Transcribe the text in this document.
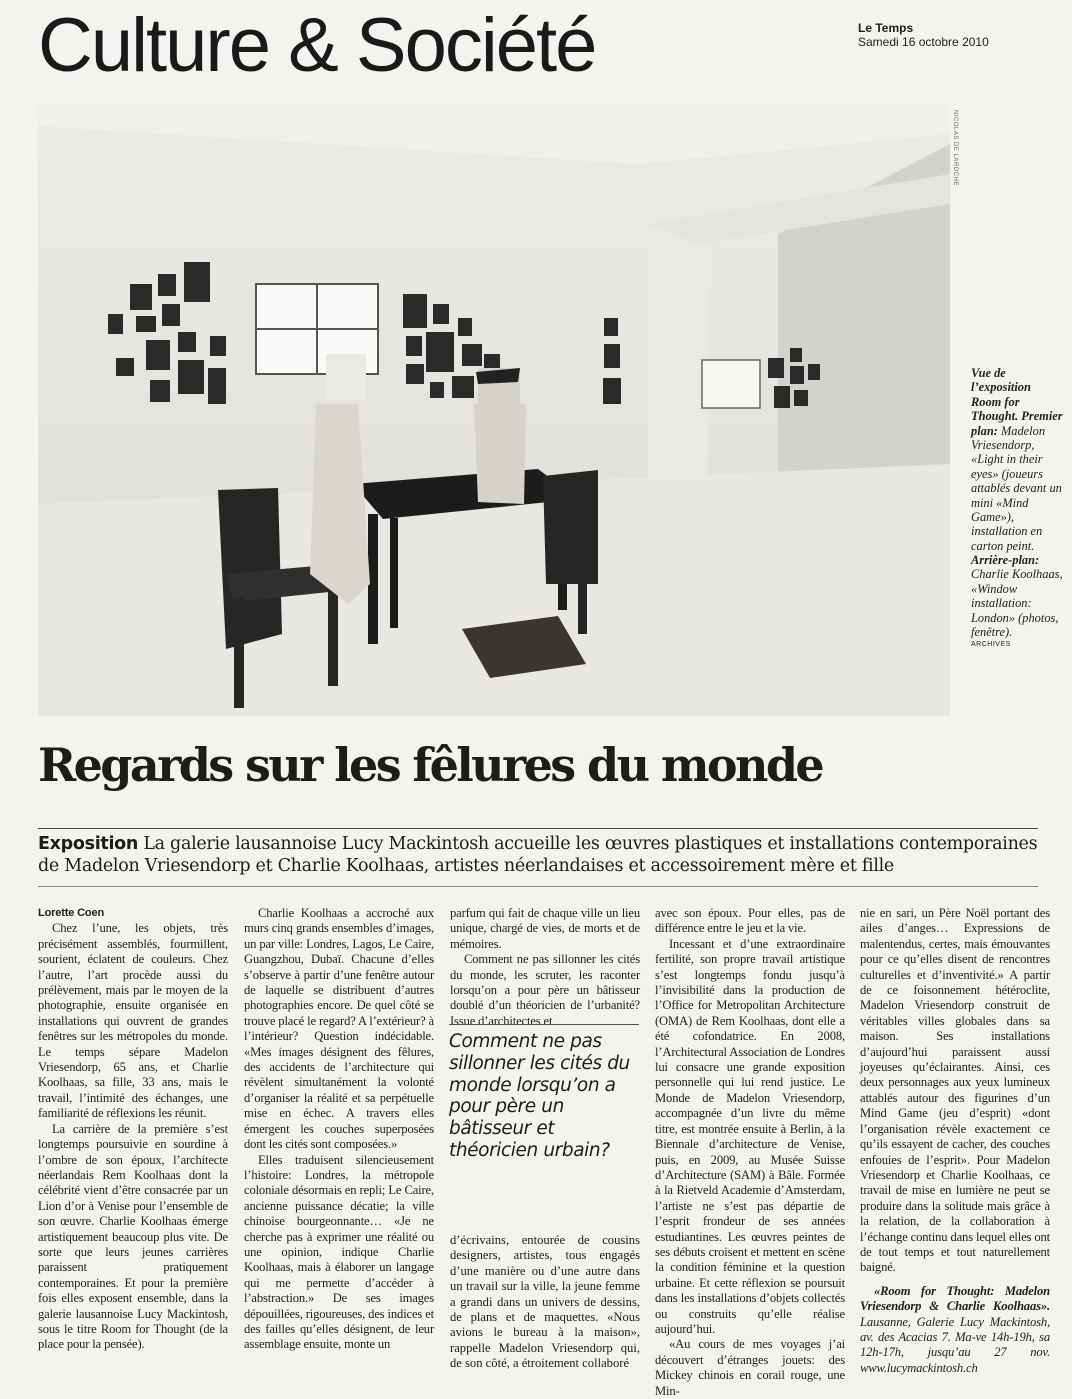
Culture & Société	Le Temps
Samedi 16 octobre 2010
NICOLAS DE LAROCHE
Vue de l’exposition Room for Thought. Premier plan: Madelon Vriesendorp, «Light in their eyes» (joueurs attablés devant un mini «Mind Game»), installation en carton peint. Arrière-plan: Charlie Koolhaas, «Window installation: London» (photos, fenêtre).
ARCHIVES
Regards sur les fêlures du monde
Exposition La galerie lausannoise Lucy Mackintosh accueille les œuvres plastiques et installations contemporaines de Madelon Vriesendorp et Charlie Koolhaas, artistes néerlandaises et accessoirement mère et fille

Lorette Coen

Chez l’une, les objets, très précisément assemblés, fourmillent, sourient, éclatent de couleurs. Chez l’autre, l’art procède aussi du prélèvement, mais par le moyen de la photographie, ensuite organisée en installations qui ouvrent de grandes fenêtres sur les métropoles du monde. Le temps sépare Madelon Vriesendorp, 65 ans, et Charlie Koolhaas, sa fille, 33 ans, mais le travail, l’intimité des échanges, une familiarité de réflexions les réunit.

La carrière de la première s’est longtemps poursuivie en sourdine à l’ombre de son époux, l’architecte néerlandais Rem Koolhaas dont la célébrité vient d’être consacrée par un Lion d’or à Venise pour l’ensemble de son œuvre. Charlie Koolhaas émerge artistiquement beaucoup plus vite. De sorte que leurs jeunes carrières paraissent pratiquement contemporaines. Et pour la première fois elles exposent ensemble, dans la galerie lausannoise Lucy Mackintosh, sous le titre Room for Thought (de la place pour la pensée).

Charlie Koolhaas a accroché aux murs cinq grands ensembles d’images, un par ville: Londres, Lagos, Le Caire, Guangzhou, Dubaï. Chacune d’elles s’observe à partir d’une fenêtre autour de laquelle se distribuent d’autres photographies encore. De quel côté se trouve placé le regard? A l’extérieur? à l’intérieur? Question indécidable. «Mes images désignent des fêlures, des accidents de l’architecture qui révèlent simultanément la volonté d’organiser la réalité et sa perpétuelle mise en échec. A travers elles émergent les couches superposées dont les cités sont composées.»

Elles traduisent silencieusement l’histoire: Londres, la métropole coloniale désormais en repli; Le Caire, ancienne puissance décatie; la ville chinoise bourgeonnante… «Je ne cherche pas à exprimer une réalité ou une opinion, indique Charlie Koolhaas, mais à élaborer un langage qui me permette d’accéder à l’abstraction.» De ses images dépouillées, rigoureuses, des indices et des failles qu’elles désignent, de leur assemblage ensuite, monte un

parfum qui fait de chaque ville un lieu unique, chargé de vies, de morts et de mémoires.

Comment ne pas sillonner les cités du monde, les scruter, les raconter lorsqu’on a pour père un bâtisseur doublé d’un théoricien de l’urbanité? Issue d’architectes et

Comment ne pas sillonner les cités du monde lorsqu’on a pour père un bâtisseur et théoricien urbain?

d’écrivains, entourée de cousins designers, artistes, tous engagés d’une manière ou d’une autre dans un travail sur la ville, la jeune femme a grandi dans un univers de dessins, de plans et de maquettes. «Nous avions le bureau à la maison», rappelle Madelon Vriesendorp qui, de son côté, a étroitement collaboré

avec son époux. Pour elles, pas de différence entre le jeu et la vie.

Incessant et d’une extraordinaire fertilité, son propre travail artistique s’est longtemps fondu jusqu’à l’invisibilité dans la production de l’Office for Metropolitan Architecture (OMA) de Rem Koolhaas, dont elle a été cofondatrice. En 2008, l’Architectural Association de Londres lui consacre une grande exposition personnelle qui lui rend justice. Le Monde de Madelon Vriesendorp, accompagnée d’un livre du même titre, est montrée ensuite à Berlin, à la Biennale d’architecture de Venise, puis, en 2009, au Musée Suisse d’Architecture (SAM) à Bâle. Formée à la Rietveld Academie d’Amsterdam, l’artiste ne s’est pas départie de l’esprit frondeur de ses années estudiantines. Les œuvres peintes de ses débuts croisent et mettent en scène la condition féminine et la question urbaine. Et cette réflexion se poursuit dans les installations d’objets collectés ou construits qu’elle réalise aujourd’hui.

«Au cours de mes voyages j’ai découvert d’étranges jouets: des Mickey chinois en corail rouge, une Min-

nie en sari, un Père Noël portant des ailes d’anges… Expressions de malentendus, certes, mais émouvantes pour ce qu’elles disent de rencontres culturelles et d’inventivité.» A partir de ce foisonnement hétéroclite, Madelon Vriesendorp construit de véritables villes globales dans sa maison. Ses installations d’aujourd’hui paraissent aussi joyeuses qu’éclairantes. Ainsi, ces deux personnages aux yeux lumineux attablés autour des figurines d’un Mind Game (jeu d’esprit) «dont l’organisation révèle exactement ce qu’ils essayent de cacher, des couches enfouies de l’esprit». Pour Madelon Vriesendorp et Charlie Koolhaas, ce travail de mise en lumière ne peut se produire dans la solitude mais grâce à la relation, de la collaboration à l’échange continu dans lequel elles ont de tout temps et tout naturellement baigné.

«Room for Thought: Madelon Vriesendorp & Charlie Koolhaas». Lausanne, Galerie Lucy Mackintosh, av. des Acacias 7. Ma-ve 14h-19h, sa 12h-17h, jusqu’au 27 nov. www.lucymackintosh.ch
